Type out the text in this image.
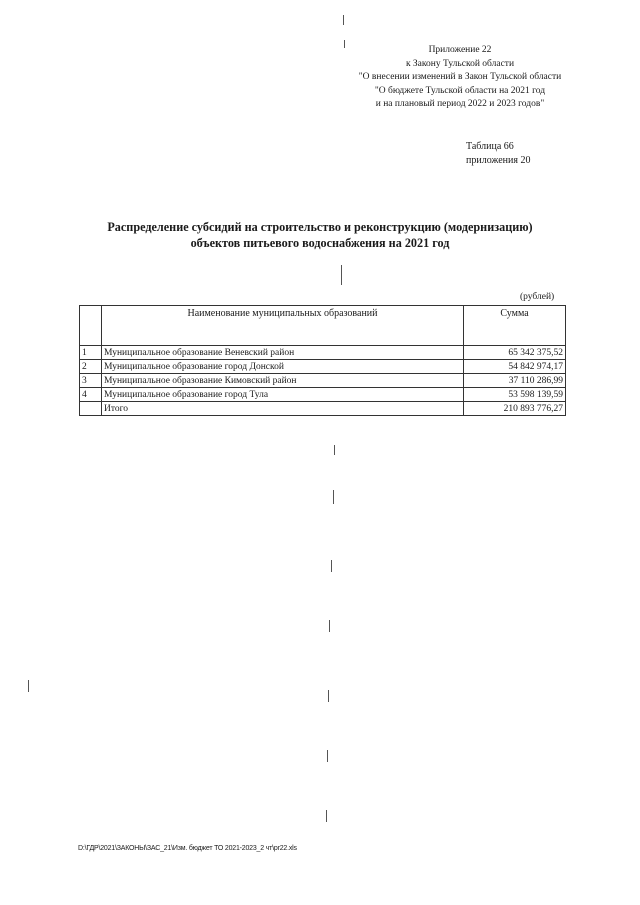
Приложение 22
к Закону Тульской области
"О внесении изменений в Закон Тульской области
"О бюджете Тульской области на 2021 год
и на плановый период 2022 и 2023 годов"
Таблица 66
приложения 20
Распределение субсидий на строительство и реконструкцию (модернизацию)
объектов питьевого водоснабжения на 2021 год
(рублей)
	Наименование муниципальных образований	Сумма
1	Муниципальное образование Веневский район	65 342 375,52
2	Муниципальное образование город Донской	54 842 974,17
3	Муниципальное образование Кимовский район	37 110 286,99
4	Муниципальное образование город Тула	53 598 139,59
	Итого	210 893 776,27
D:\ГДР\2021\ЗАКОНЫ\ЗАС_21\Изм. бюджет ТО 2021-2023_2 чт\pr22.xls
